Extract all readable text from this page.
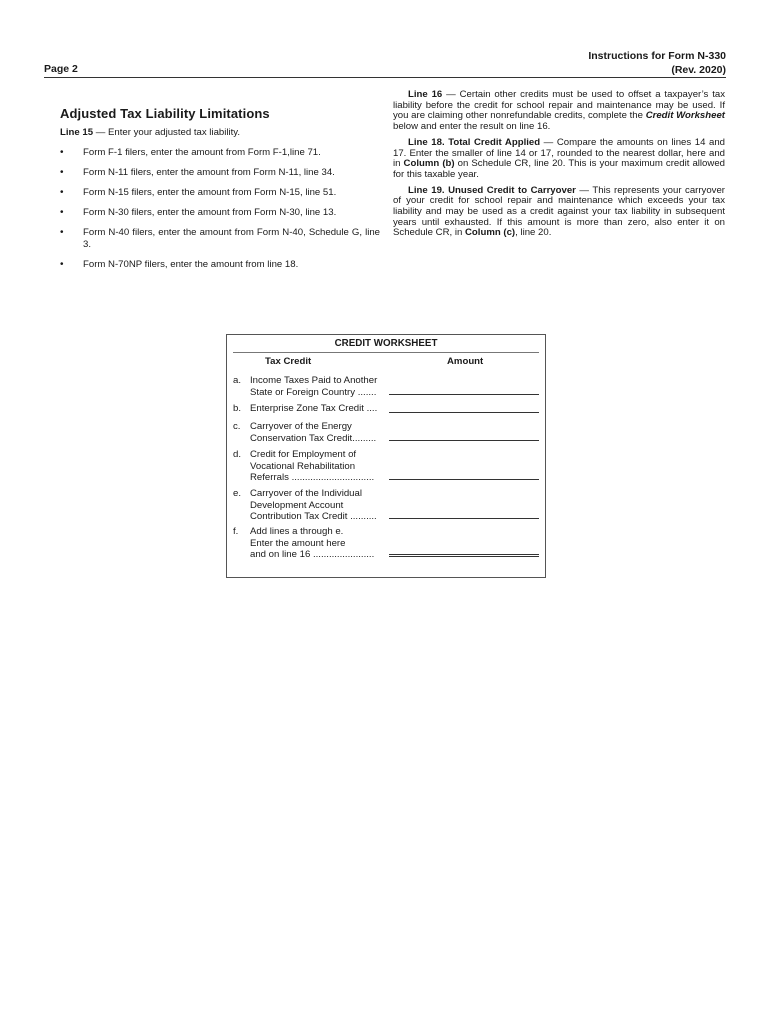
Page 2
Instructions for Form N-330
(Rev. 2020)
Adjusted Tax Liability Limitations
Line 15 — Enter your adjusted tax liability.
• Form F-1 filers, enter the amount from Form F-1,line 71.
• Form N-11 filers, enter the amount from Form N-11, line 34.
• Form N-15 filers, enter the amount from Form N-15, line 51.
• Form N-30 filers, enter the amount from Form N-30, line 13.
• Form N-40 filers, enter the amount from Form N-40, Schedule G, line 3.
• Form N-70NP filers, enter the amount from line 18.

Line 16 — Certain other credits must be used to offset a taxpayer’s tax liability before the credit for school repair and maintenance may be used. If you are claiming other nonrefundable credits, complete the Credit Worksheet below and enter the result on line 16.

Line 18. Total Credit Applied — Compare the amounts on lines 14 and 17. Enter the smaller of line 14 or 17, rounded to the nearest dollar, here and in Column (b) on Schedule CR, line 20. This is your maximum credit allowed for this taxable year.

Line 19. Unused Credit to Carryover — This represents your carryover of your credit for school repair and maintenance which exceeds your tax liability and may be used as a credit against your tax liability in subsequent years until exhausted. If this amount is more than zero, also enter it on Schedule CR, in Column (c), line 20.

CREDIT WORKSHEET
Tax Credit	Amount
a. Income Taxes Paid to Another
State or Foreign Country .......
b. Enterprise Zone Tax Credit ....
c. Carryover of the Energy
Conservation Tax Credit.........
d. Credit for Employment of
Vocational Rehabilitation
Referrals ...............................
e. Carryover of the Individual
Development Account
Contribution Tax Credit ..........
f. Add lines a through e.
Enter the amount here
and on line 16 .......................
